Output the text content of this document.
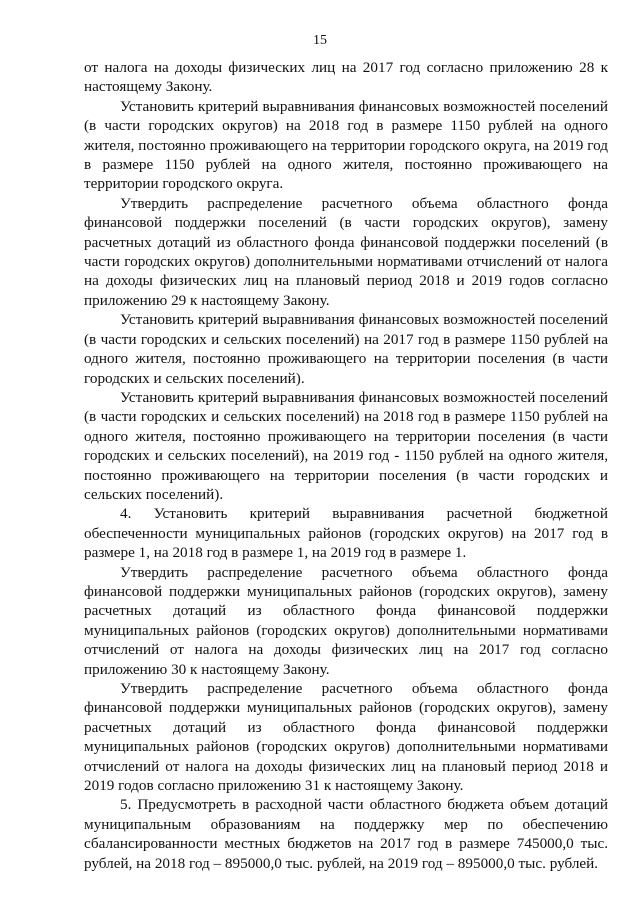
15

от налога на доходы физических лиц на 2017 год согласно приложению 28 к настоящему Закону.

Установить критерий выравнивания финансовых возможностей поселений (в части городских округов) на 2018 год в размере 1150 рублей на одного жителя, постоянно проживающего на территории городского округа, на 2019 год в размере 1150 рублей на одного жителя, постоянно проживающего на территории городского округа.

Утвердить распределение расчетного объема областного фонда финансовой поддержки поселений (в части городских округов), замену расчетных дотаций из областного фонда финансовой поддержки поселений (в части городских округов) дополнительными нормативами отчислений от налога на доходы физических лиц на плановый период 2018 и 2019 годов согласно приложению 29 к настоящему Закону.

Установить критерий выравнивания финансовых возможностей поселений (в части городских и сельских поселений) на 2017 год в размере 1150 рублей на одного жителя, постоянно проживающего на территории поселения (в части городских и сельских поселений).

Установить критерий выравнивания финансовых возможностей поселений (в части городских и сельских поселений) на 2018 год в размере 1150 рублей на одного жителя, постоянно проживающего на территории поселения (в части городских и сельских поселений), на 2019 год - 1150 рублей на одного жителя, постоянно проживающего на территории поселения (в части городских и сельских поселений).

4. Установить критерий выравнивания расчетной бюджетной обеспеченности муниципальных районов (городских округов) на 2017 год в размере 1, на 2018 год в размере 1, на 2019 год в размере 1.

Утвердить распределение расчетного объема областного фонда финансовой поддержки муниципальных районов (городских округов), замену расчетных дотаций из областного фонда финансовой поддержки муниципальных районов (городских округов) дополнительными нормативами отчислений от налога на доходы физических лиц на 2017 год согласно приложению 30 к настоящему Закону.

Утвердить распределение расчетного объема областного фонда финансовой поддержки муниципальных районов (городских округов), замену расчетных дотаций из областного фонда финансовой поддержки муниципальных районов (городских округов) дополнительными нормативами отчислений от налога на доходы физических лиц на плановый период 2018 и 2019 годов согласно приложению 31 к настоящему Закону.

5. Предусмотреть в расходной части областного бюджета объем дотаций муниципальным образованиям на поддержку мер по обеспечению сбалансированности местных бюджетов на 2017 год в размере 745000,0 тыс. рублей, на 2018 год – 895000,0 тыс. рублей, на 2019 год – 895000,0 тыс. рублей.
